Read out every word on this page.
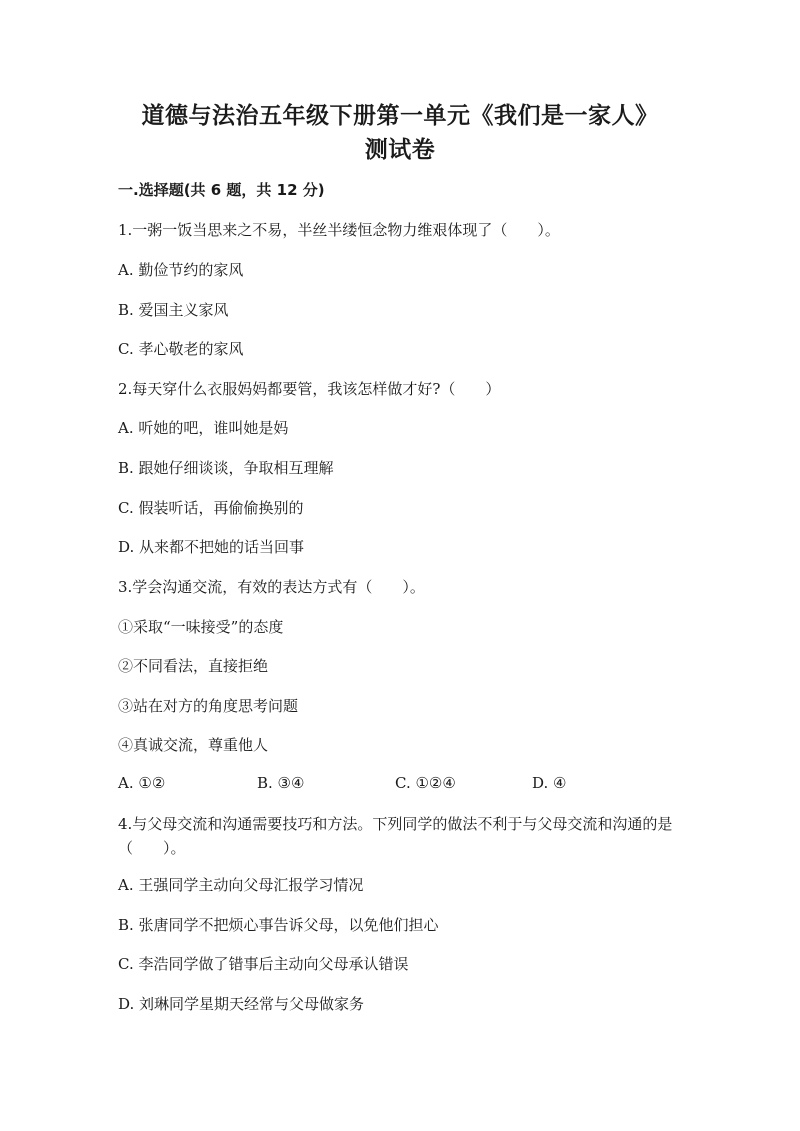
道德与法治五年级下册第一单元《我们是一家人》
测试卷
一.选择题(共 6 题，共 12 分)
1.一粥一饭当思来之不易，半丝半缕恒念物力维艰体现了（　　）。
A. 勤俭节约的家风
B. 爱国主义家风
C. 孝心敬老的家风
2.每天穿什么衣服妈妈都要管，我该怎样做才好?（　　）
A. 听她的吧，谁叫她是妈
B. 跟她仔细谈谈，争取相互理解
C. 假装听话，再偷偷换别的
D. 从来都不把她的话当回事
3.学会沟通交流，有效的表达方式有（　　）。
①采取“一味接受”的态度
②不同看法，直接拒绝
③站在对方的角度思考问题
④真诚交流，尊重他人
A. ①②	B. ③④	C. ①②④	D. ④
4.与父母交流和沟通需要技巧和方法。下列同学的做法不利于与父母交流和沟通的是（　　）。
A. 王强同学主动向父母汇报学习情况
B. 张唐同学不把烦心事告诉父母，以免他们担心
C. 李浩同学做了错事后主动向父母承认错误
D. 刘琳同学星期天经常与父母做家务
